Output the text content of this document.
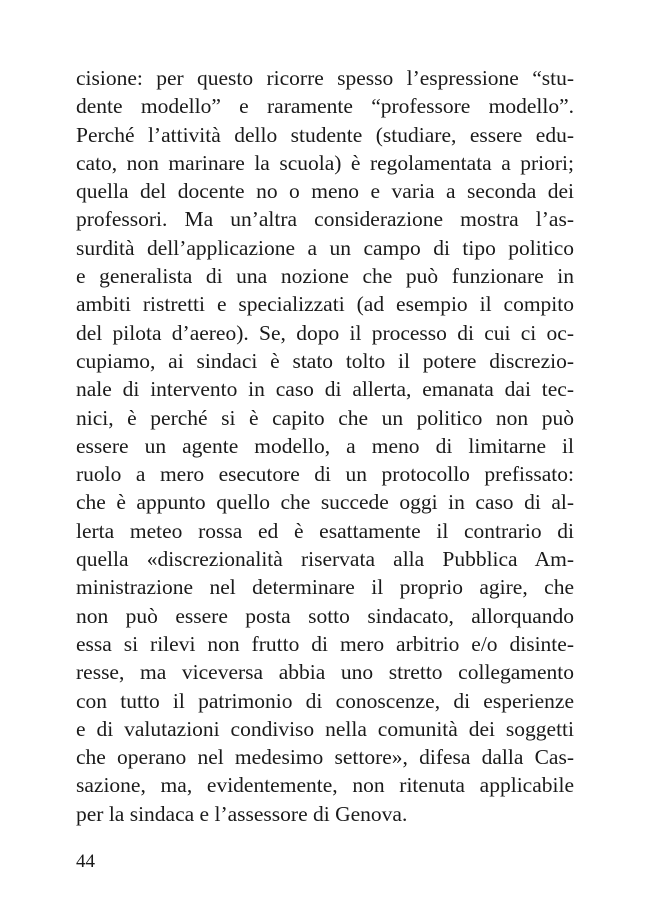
cisione: per questo ricorre spesso l’espressione “stu-
dente modello” e raramente “professore modello”.
Perché l’attività dello studente (studiare, essere edu-
cato, non marinare la scuola) è regolamentata a priori;
quella del docente no o meno e varia a seconda dei
professori. Ma un’altra considerazione mostra l’as-
surdità dell’applicazione a un campo di tipo politico
e generalista di una nozione che può funzionare in
ambiti ristretti e specializzati (ad esempio il compito
del pilota d’aereo). Se, dopo il processo di cui ci oc-
cupiamo, ai sindaci è stato tolto il potere discrezio-
nale di intervento in caso di allerta, emanata dai tec-
nici, è perché si è capito che un politico non può
essere un agente modello, a meno di limitarne il
ruolo a mero esecutore di un protocollo prefissato:
che è appunto quello che succede oggi in caso di al-
lerta meteo rossa ed è esattamente il contrario di
quella «discrezionalità riservata alla Pubblica Am-
ministrazione nel determinare il proprio agire, che
non può essere posta sotto sindacato, allorquando
essa si rilevi non frutto di mero arbitrio e/o disinte-
resse, ma viceversa abbia uno stretto collegamento
con tutto il patrimonio di conoscenze, di esperienze
e di valutazioni condiviso nella comunità dei soggetti
che operano nel medesimo settore», difesa dalla Cas-
sazione, ma, evidentemente, non ritenuta applicabile
per la sindaca e l’assessore di Genova.
44
